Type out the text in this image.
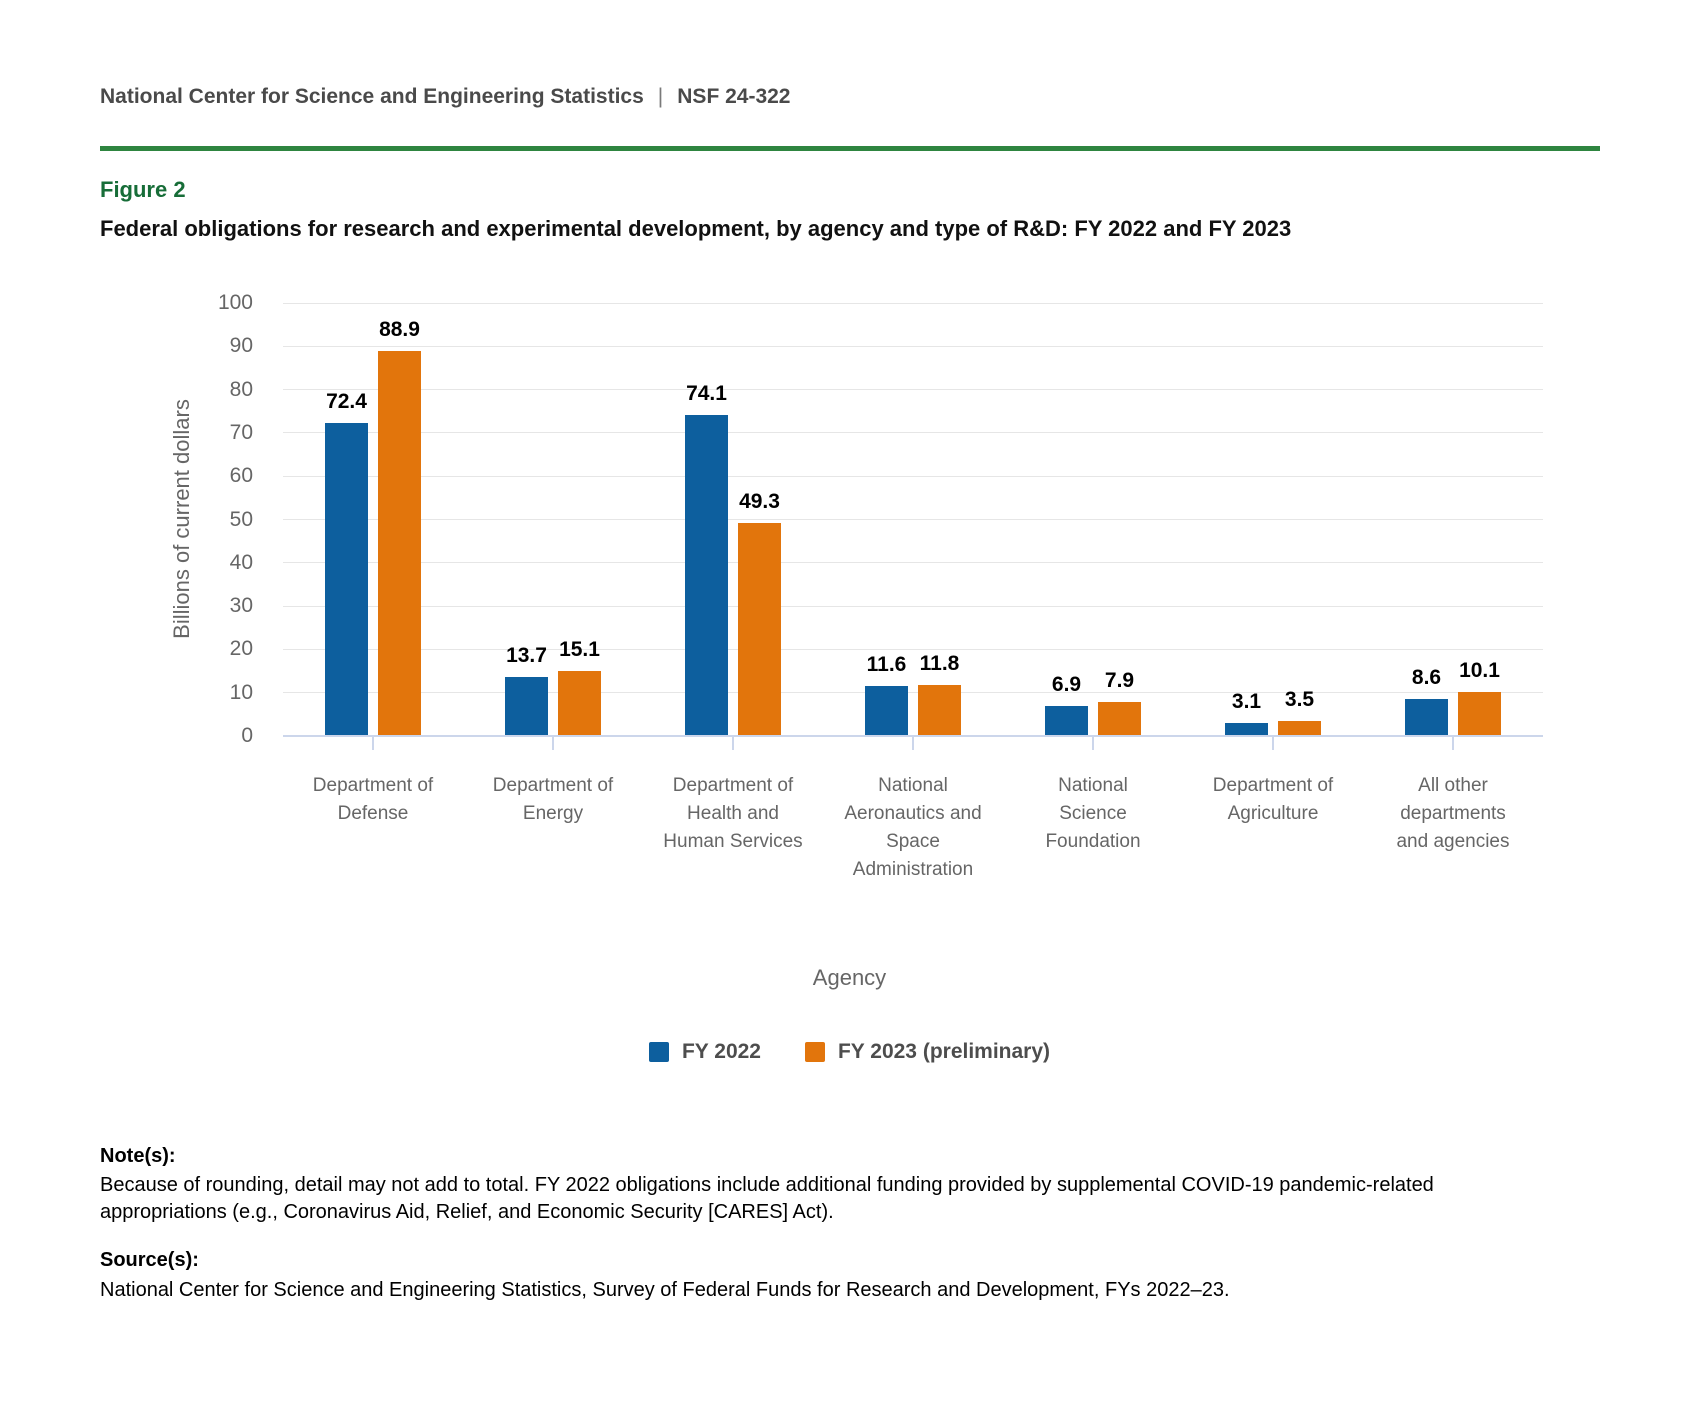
National Center for Science and Engineering Statistics | NSF 24-322
Figure 2
Federal obligations for research and experimental development, by agency and type of R&D: FY 2022 and FY 2023
Billions of current dollars
Agency
FY 2022	FY 2023 (preliminary)
0
10
20
30
40
50
60
70
80
90
100
Department of Defense
72.4
88.9
Department of Energy
13.7 15.1
Department of Health and Human Services
74.1
49.3
National Aeronautics and Space Administration
11.6 11.8
National Science Foundation
6.9	7.9
Department of Agriculture
3.1	3.5
All other departments and agencies
8.6 10.1
Note(s):
Because of rounding, detail may not add to total. FY 2022 obligations include additional funding provided by supplemental COVID-19 pandemic-related appropriations (e.g., Coronavirus Aid, Relief, and Economic Security [CARES] Act).
Source(s):
National Center for Science and Engineering Statistics, Survey of Federal Funds for Research and Development, FYs 2022–23.
